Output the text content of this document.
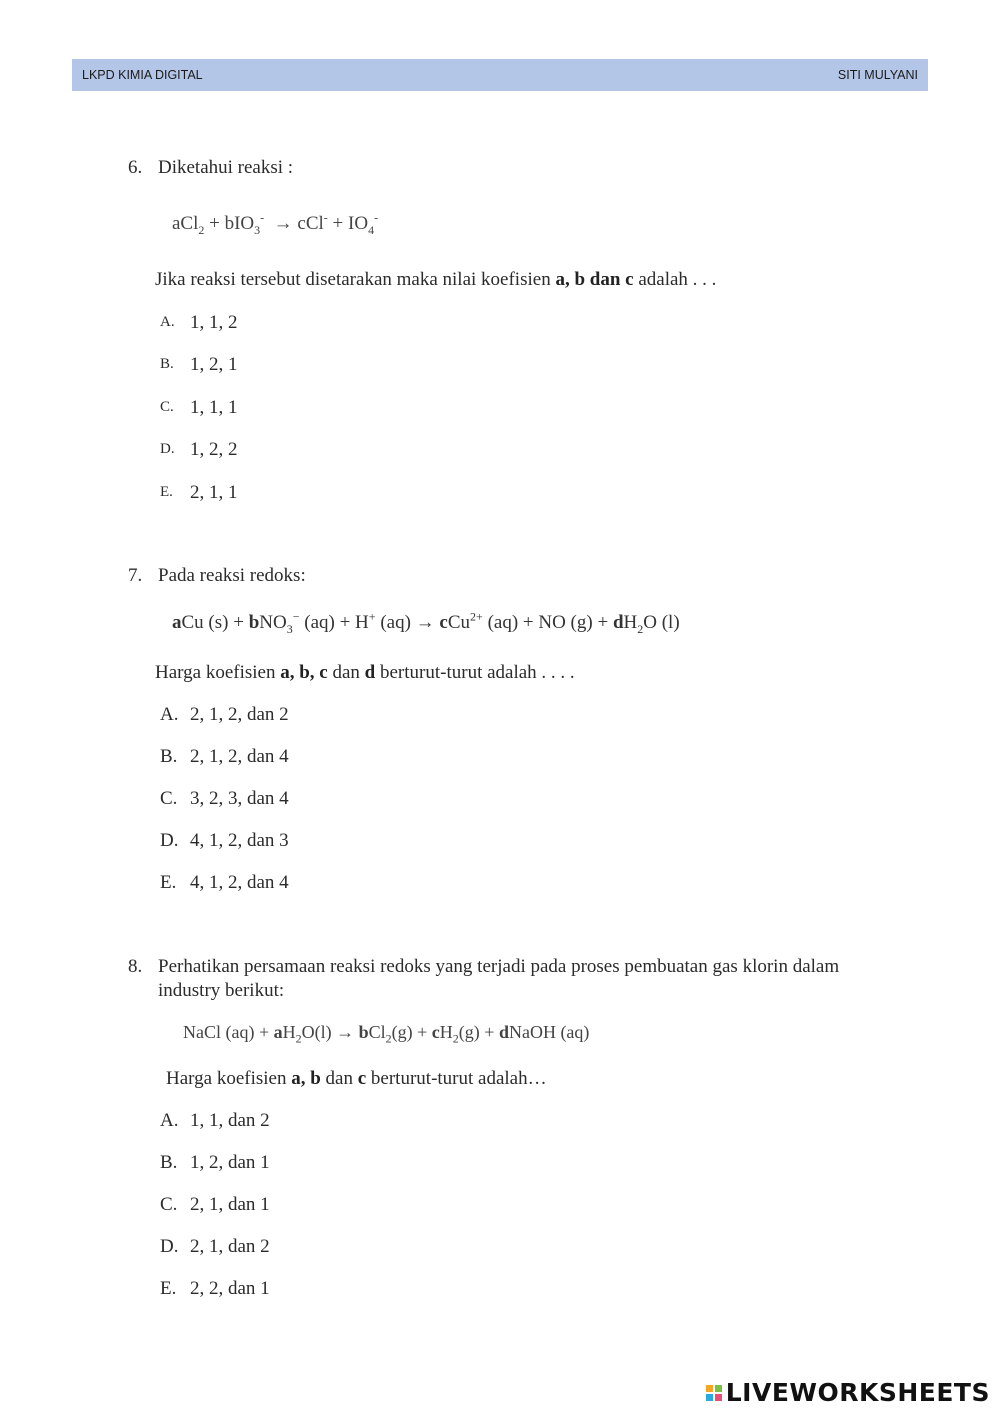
LKPD KIMIA DIGITAL	SITI MULYANI
6. Diketahui reaksi :
$aCl_2 + bIO_3^- \to cCl^- + IO_4^-$
Jika reaksi tersebut disetarakan maka nilai koefisien a, b dan c adalah . . .
A. 1, 1, 2
B. 1, 2, 1
C. 1, 1, 1
D. 1, 2, 2
E. 2, 1, 1
7. Pada reaksi redoks:
aCu (s) + bNO$_3$− (aq) + H+ (aq) → cCu$^{2+}$ (aq) + NO $(g) + dH_2O$ (l)
Harga koefisien a, b, c dan d berturut-turut adalah . . . .
A. 2, 1, 2, dan 2
B. 2, 1, 2, dan 4
C. 3, 2, 3, dan 4
D. 4, 1, 2, dan 3
E. 4, 1, 2, dan 4
8. Perhatikan persamaan reaksi redoks yang terjadi pada proses pembuatan gas klorin dalam industry berikut:
NaCl $(aq) + aH_2O(l) \to bCl_2(g) + cH_2(g)$ + dNaOH (aq)
Harga koefisien a, b dan c berturut-turut adalah…
A. 1, 1, dan 2
B. 1, 2, dan 1
C. 2, 1, dan 1
D. 2, 1, dan 2
E. 2, 2, dan 1
LIVEWORKSHEETS
